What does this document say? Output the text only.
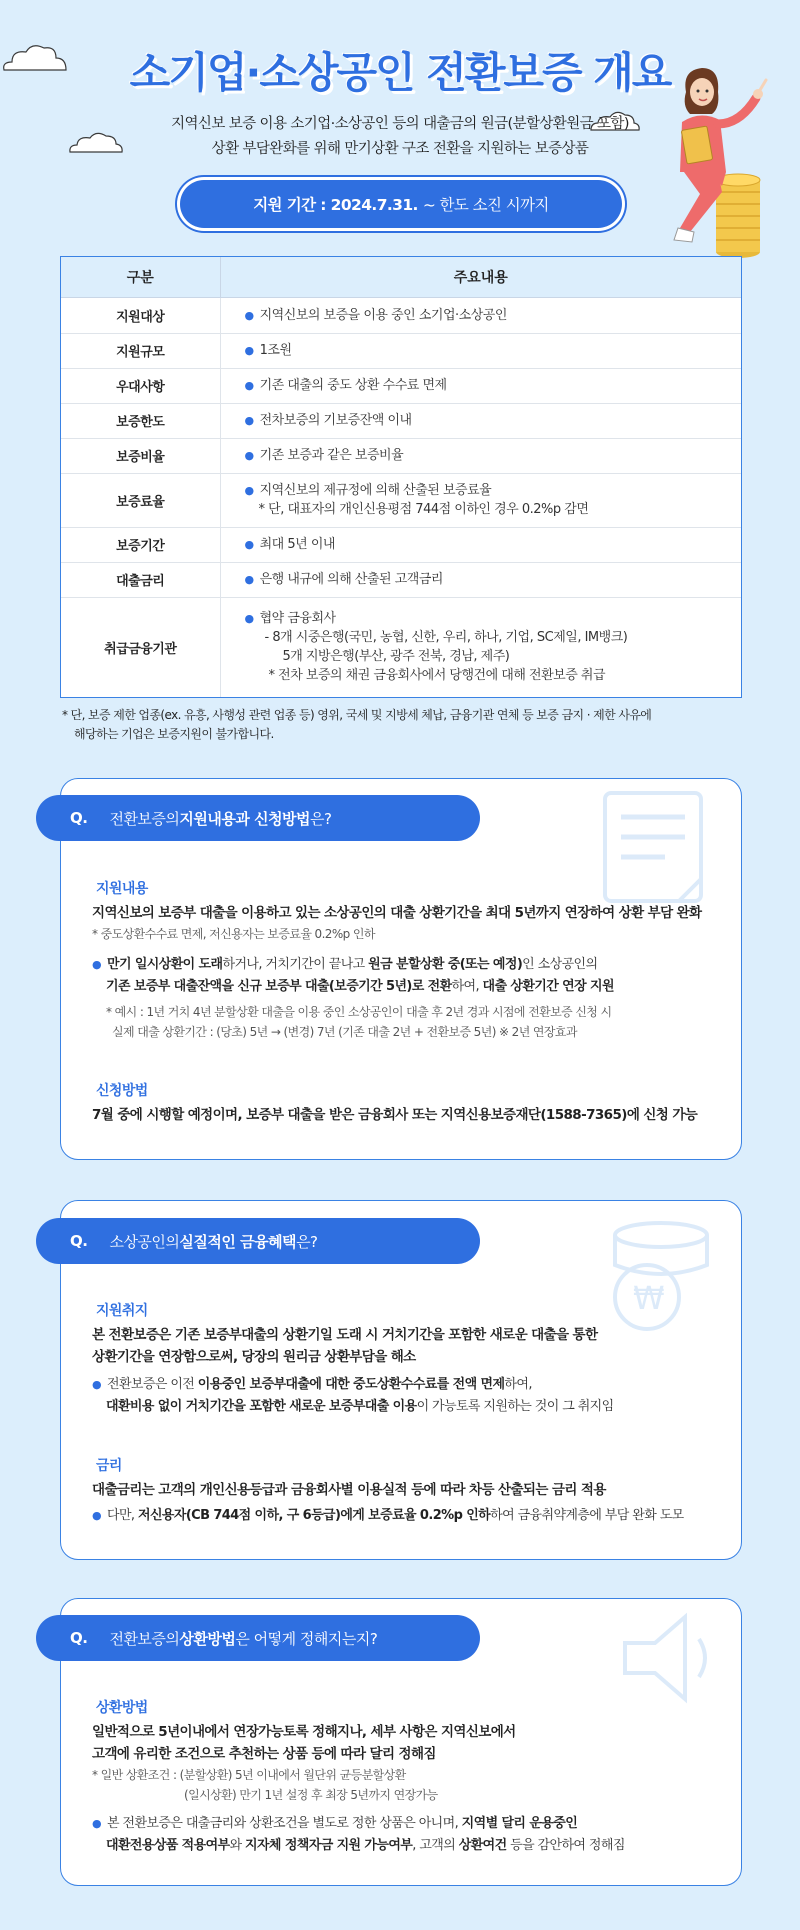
소기업·소상공인 전환보증 개요
지역신보 보증 이용 소기업·소상공인 등의 대출금의 원금(분할상환원금 포함)
상환 부담완화를 위해 만기상환 구조 전환을 지원하는 보증상품
지원 기간 : 2024.7.31. ~ 한도 소진 시까지
구분	주요내용
지원대상	● 지역신보의 보증을 이용 중인 소기업·소상공인
지원규모	● 1조원
우대사항	● 기존 대출의 중도 상환 수수료 면제
보증한도	● 전차보증의 기보증잔액 이내
보증비율	● 기존 보증과 같은 보증비율
보증료율	● 지역신보의 제규정에 의해 산출된 보증료율
* 단, 대표자의 개인신용평점 744점 이하인 경우 0.2%p 감면

보증기간	● 최대 5년 이내
대출금리	● 은행 내규에 의해 산출된 고객금리
취급금융기관	● 협약 금융회사
- 8개 시중은행(국민, 농협, 신한, 우리, 하나, 기업, SC제일, IM뱅크)
5개 지방은행(부산, 광주 전북, 경남, 제주)
* 전차 보증의 채권 금융회사에서 당행건에 대해 전환보증 취급
* 단, 보증 제한 업종(ex. 유흥, 사행성 관련 업종 등) 영위, 국세 및 지방세 체납, 금융기관 연체 등 보증 금지 · 제한 사유에
해당하는 기업은 보증지원이 불가합니다.
Q. 전환보증의 지원내용과 신청방법 은?
지원내용
지역신보의 보증부 대출을 이용하고 있는 소상공인의 대출 상환기간을 최대 5년까지 연장하여 상환 부담 완화
* 중도상환수수료 면제, 저신용자는 보증료율 0.2%p 인하
● 만기 일시상환이 도래하거나, 거치기간이 끝나고 원금 분할상환 중(또는 예정)인 소상공인의
기존 보증부 대출잔액을 신규 보증부 대출(보증기간 5년)로 전환하여, 대출 상환기간 연장 지원
* 예시 : 1년 거치 4년 분할상환 대출을 이용 중인 소상공인이 대출 후 2년 경과 시점에 전환보증 신청 시
실제 대출 상환기간 : (당초) 5년 → (변경) 7년 (기존 대출 2년 + 전환보증 5년) ※ 2년 연장효과
신청방법
7월 중에 시행할 예정이며, 보증부 대출을 받은 금융회사 또는 지역신용보증재단(1588-7365)에 신청 가능
₩
Q. 소상공인의 실질적인 금융혜택 은?
지원취지
본 전환보증은 기존 보증부대출의 상환기일 도래 시 거치기간을 포함한 새로운 대출을 통한
상환기간을 연장함으로써, 당장의 원리금 상환부담을 해소
● 전환보증은 이전 이용중인 보증부대출에 대한 중도상환수수료를 전액 면제하여,
대환비용 없이 거치기간을 포함한 새로운 보증부대출 이용이 가능토록 지원하는 것이 그 취지임
금리
대출금리는 고객의 개인신용등급과 금융회사별 이용실적 등에 따라 차등 산출되는 금리 적용
● 다만, 저신용자(CB 744점 이하, 구 6등급)에게 보증료율 0.2%p 인하하여 금융취약계층에 부담 완화 도모
Q. 전환보증의 상환방법 은 어떻게 정해지는지?
상환방법
일반적으로 5년이내에서 연장가능토록 정해지나, 세부 사항은 지역신보에서
고객에 유리한 조건으로 추천하는 상품 등에 따라 달리 정해짐
* 일반 상환조건 : (분할상환) 5년 이내에서 월단위 균등분할상환
(일시상환) 만기 1년 설정 후 최장 5년까지 연장가능
● 본 전환보증은 대출금리와 상환조건을 별도로 정한 상품은 아니며, 지역별 달리 운용중인
대환전용상품 적용여부와 지자체 정책자금 지원 가능여부, 고객의 상환여건 등을 감안하여 정해짐
